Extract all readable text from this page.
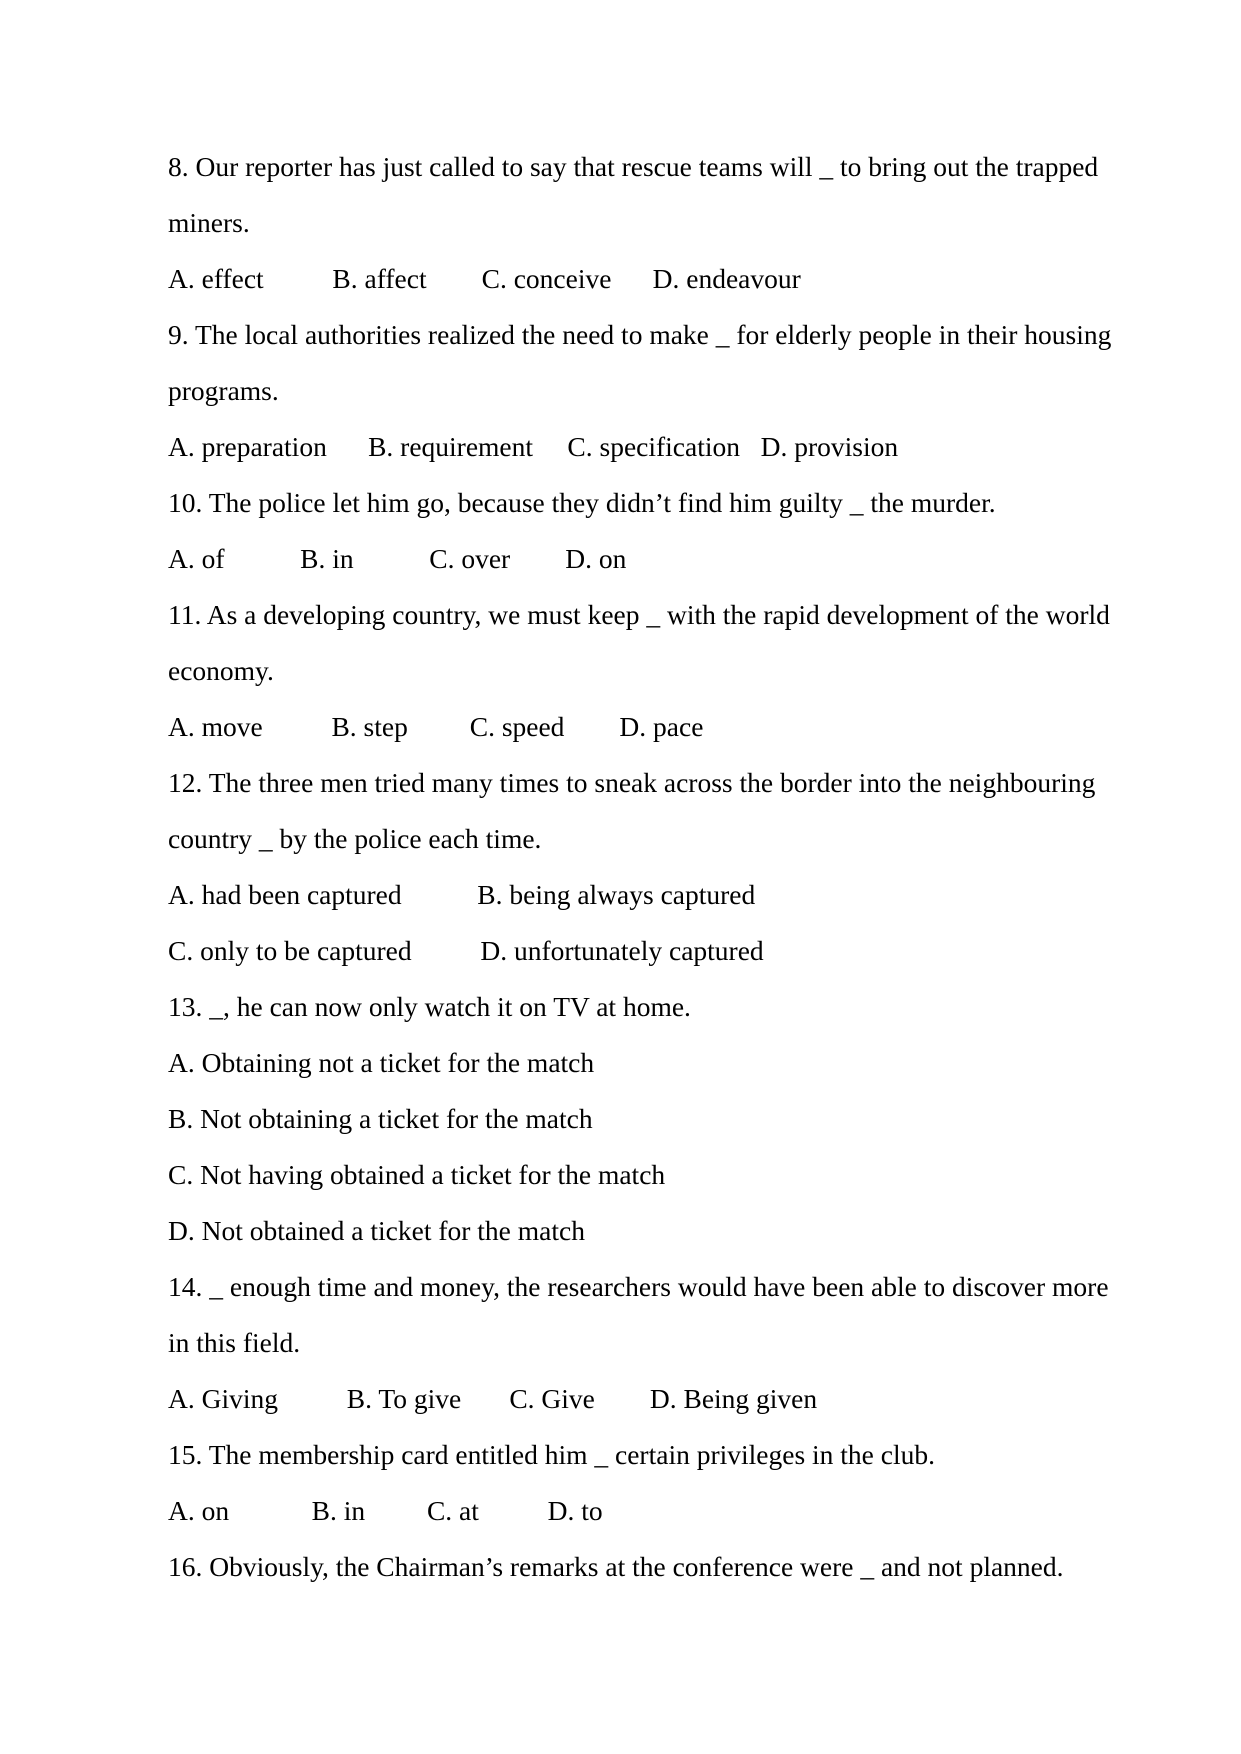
8. Our reporter has just called to say that rescue teams will _ to bring out the trapped
miners.
A. effect          B. affect        C. conceive      D. endeavour
9. The local authorities realized the need to make _ for elderly people in their housing
programs.
A. preparation      B. requirement     C. specification   D. provision
10. The police let him go, because they didn’t find him guilty _ the murder.
A. of           B. in           C. over        D. on
11. As a developing country, we must keep _ with the rapid development of the world
economy.
A. move          B. step         C. speed        D. pace
12. The three men tried many times to sneak across the border into the neighbouring
country _ by the police each time.
A. had been captured           B. being always captured
C. only to be captured          D. unfortunately captured
13. _, he can now only watch it on TV at home.
A. Obtaining not a ticket for the match
B. Not obtaining a ticket for the match
C. Not having obtained a ticket for the match
D. Not obtained a ticket for the match
14. _ enough time and money, the researchers would have been able to discover more
in this field.
A. Giving          B. To give       C. Give        D. Being given
15. The membership card entitled him _ certain privileges in the club.
A. on            B. in         C. at          D. to
16. Obviously, the Chairman’s remarks at the conference were _ and not planned.
